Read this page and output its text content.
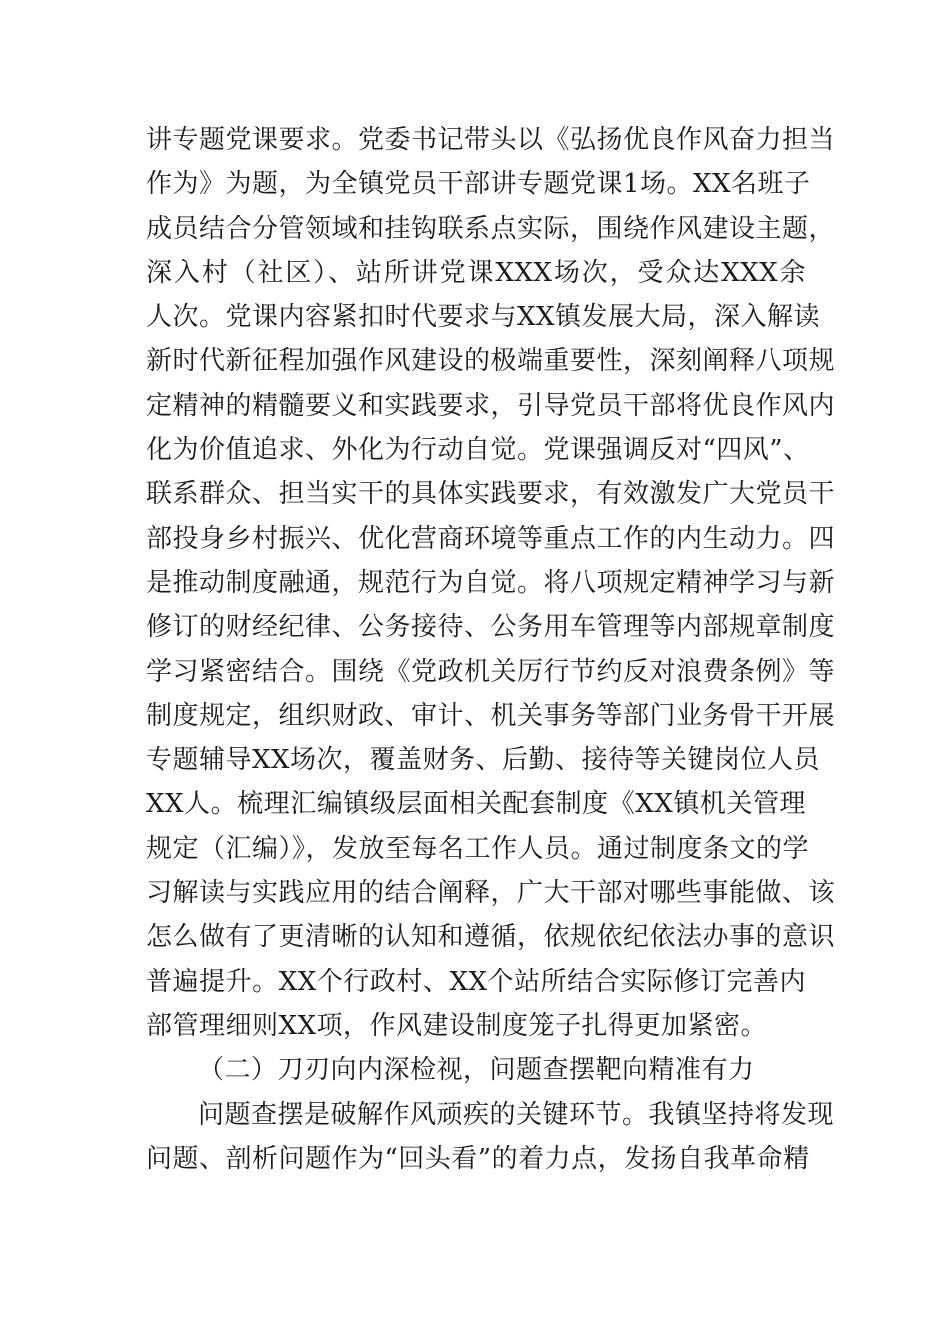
讲专题党课要求。党委书记带头以《弘扬优良作风奋力担当
作为》为题，为全镇党员干部讲专题党课1场。XX名班子
成员结合分管领域和挂钩联系点实际，围绕作风建设主题，
深入村（社区）、站所讲党课XXX场次，受众达XXX余
人次。党课内容紧扣时代要求与XX镇发展大局，深入解读
新时代新征程加强作风建设的极端重要性，深刻阐释八项规
定精神的精髓要义和实践要求，引导党员干部将优良作风内
化为价值追求、外化为行动自觉。党课强调反对“四风”、
联系群众、担当实干的具体实践要求，有效激发广大党员干
部投身乡村振兴、优化营商环境等重点工作的内生动力。四
是推动制度融通，规范行为自觉。将八项规定精神学习与新
修订的财经纪律、公务接待、公务用车管理等内部规章制度
学习紧密结合。围绕《党政机关厉行节约反对浪费条例》等
制度规定，组织财政、审计、机关事务等部门业务骨干开展
专题辅导XX场次，覆盖财务、后勤、接待等关键岗位人员
XX人。梳理汇编镇级层面相关配套制度《XX镇机关管理
规定（汇编）》，发放至每名工作人员。通过制度条文的学
习解读与实践应用的结合阐释，广大干部对哪些事能做、该
怎么做有了更清晰的认知和遵循，依规依纪依法办事的意识
普遍提升。XX个行政村、XX个站所结合实际修订完善内
部管理细则XX项，作风建设制度笼子扎得更加紧密。
（二）刀刃向内深检视，问题查摆靶向精准有力
问题查摆是破解作风顽疾的关键环节。我镇坚持将发现
问题、剖析问题作为“回头看”的着力点，发扬自我革命精
